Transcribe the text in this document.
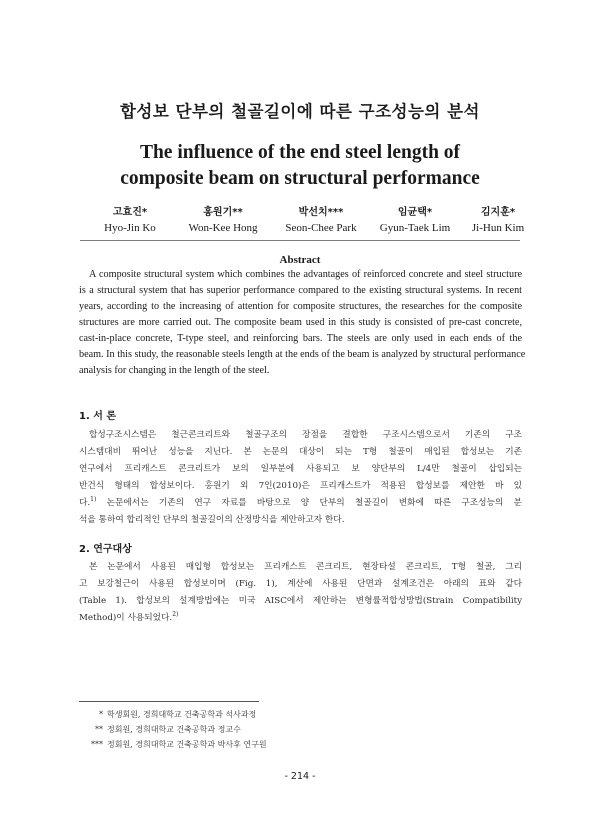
합성보 단부의 철골길이에 따른 구조성능의 분석
The influence of the end steel length of
composite beam on structural performance
고효진*
Hyo-Jin Ko
홍원기**
Won-Kee Hong
박선치***
Seon-Chee Park
임균택*
Gyun-Taek Lim
김지훈*
Ji-Hun Kim
Abstract
A composite structural system which combines the advantages of reinforced concrete and steel structure
is a structural system that has superior performance compared to the existing structural systems. In recent
years, according to the increasing of attention for composite structures, the researches for the composite
structures are more carried out. The composite beam used in this study is consisted of pre-cast concrete,
cast-in-place concrete, T-type steel, and reinforcing bars. The steels are only used in each ends of the
beam. In this study, the reasonable steels length at the ends of the beam is analyzed by structural performance
analysis for changing in the length of the steel.
1. 서 론
합성구조시스템은 철근콘크리트와 철골구조의 장점을 결합한 구조시스템으로서 기존의 구조
시스템대비 뛰어난 성능을 지닌다. 본 논문의 대상이 되는 T형 철골이 매입된 합성보는 기존
연구에서 프리캐스트 콘크리트가 보의 일부분에 사용되고 보 양단부의 L/4만 철골이 삽입되는
반건식 형태의 합성보이다. 홍원기 외 7인(2010)은 프리캐스트가 적용된 합성보를 제안한 바 있
다.$^{1)}$ 논문에서는 기존의 연구 자료를 바탕으로 양 단부의 철골길이 변화에 따른 구조성능의 분
석을 통하여 합리적인 단부의 철골길이의 산정방식을 제안하고자 한다.
2. 연구대상
본 논문에서 사용된 매입형 합성보는 프리캐스트 콘크리트, 현장타설 콘크리트, T형 철골, 그리
고 보강철근이 사용된 합성보이며 (Fig. 1), 계산에 사용된 단면과 설계조건은 아래의 표와 같다
(Table 1). 합성보의 설계방법에는 미국 AISC에서 제안하는 변형률적합성방법(Strain Compatibility
Method)이 사용되었다.$^{2)}$
* 학생회원, 경희대학교 건축공학과 석사과정
** 정회원, 경희대학교 건축공학과 정교수
*** 정회원, 경희대학교 건축공학과 박사후 연구원
- 214 -
